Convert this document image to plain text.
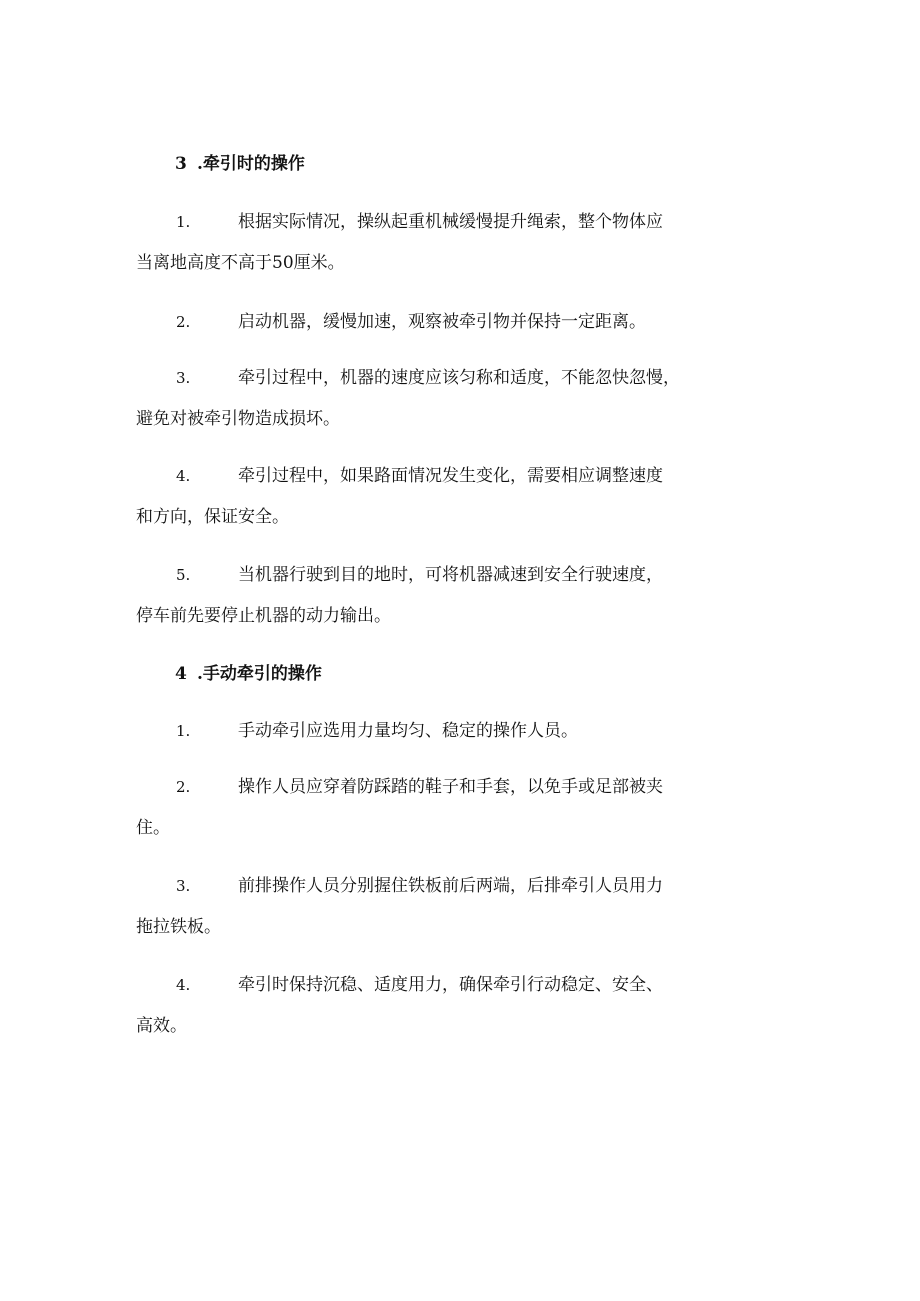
3 .牵引时的操作
1.	根据实际情况，操纵起重机械缓慢提升绳索，整个物体应
当离地高度不高于50厘米。
2.	启动机器，缓慢加速，观察被牵引物并保持一定距离。
3.	牵引过程中，机器的速度应该匀称和适度，不能忽快忽慢，
避免对被牵引物造成损坏。
4.	牵引过程中，如果路面情况发生变化，需要相应调整速度
和方向，保证安全。
5.	当机器行驶到目的地时，可将机器减速到安全行驶速度，
停车前先要停止机器的动力输出。
4 .手动牵引的操作
1.	手动牵引应选用力量均匀、稳定的操作人员。
2.	操作人员应穿着防踩踏的鞋子和手套，以免手或足部被夹
住。
3.	前排操作人员分别握住铁板前后两端，后排牵引人员用力
拖拉铁板。
4.	牵引时保持沉稳、适度用力，确保牵引行动稳定、安全、
高效。
